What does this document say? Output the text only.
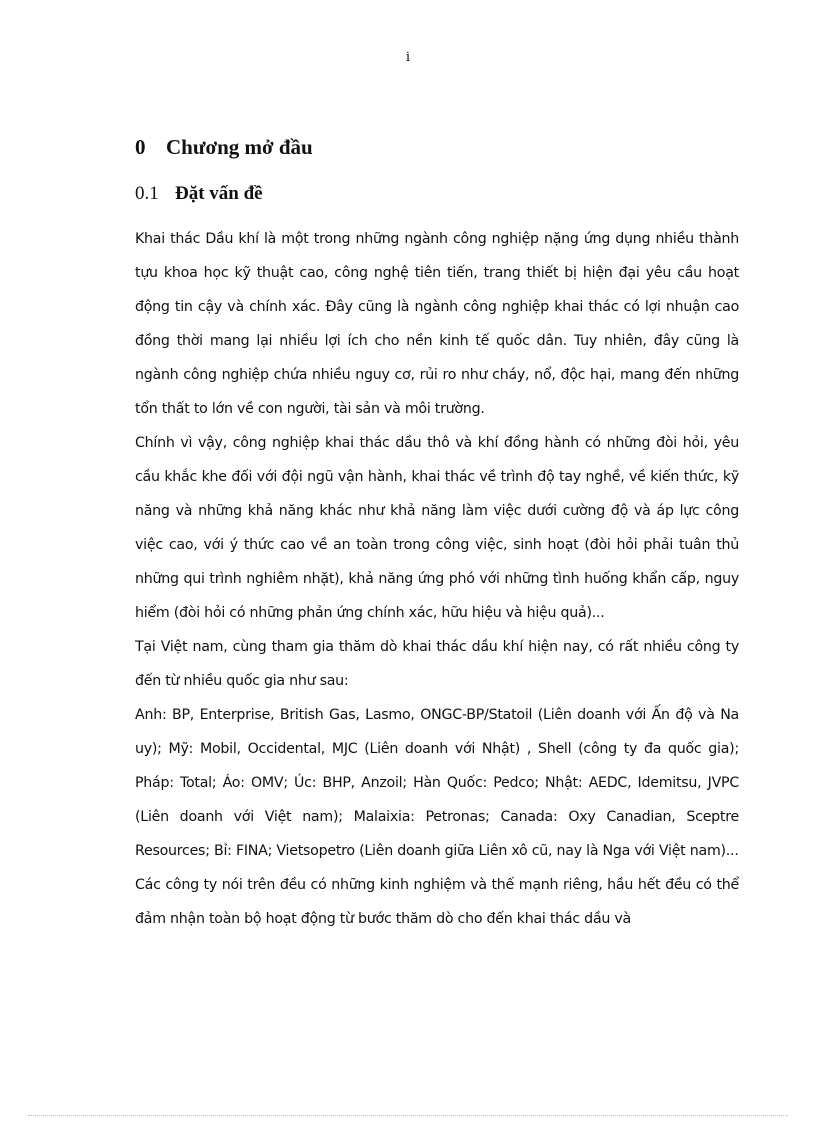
i
0 Chương mở đầu
0.1 Đặt vấn đề

Khai thác Dầu khí là một trong những ngành công nghiệp nặng ứng dụng nhiều thành tựu khoa học kỹ thuật cao, công nghệ tiên tiến, trang thiết bị hiện đại yêu cầu hoạt động tin cậy và chính xác. Đây cũng là ngành công nghiệp khai thác có lợi nhuận cao đồng thời mang lại nhiều lợi ích cho nền kinh tế quốc dân. Tuy nhiên, đây cũng là ngành công nghiệp chứa nhiều nguy cơ, rủi ro như cháy, nổ, độc hại, mang đến những tổn thất to lớn về con người, tài sản và môi trường.

Chính vì vậy, công nghiệp khai thác dầu thô và khí đồng hành có những đòi hỏi, yêu cầu khắc khe đối với đội ngũ vận hành, khai thác về trình độ tay nghề, về kiến thức, kỹ năng và những khả năng khác như khả năng làm việc dưới cường độ và áp lực công việc cao, với ý thức cao về an toàn trong công việc, sinh hoạt (đòi hỏi phải tuân thủ những qui trình nghiêm nhặt), khả năng ứng phó với những tình huống khẩn cấp, nguy hiểm (đòi hỏi có những phản ứng chính xác, hữu hiệu và hiệu quả)...

Tại Việt nam, cùng tham gia thăm dò khai thác dầu khí hiện nay, có rất nhiều công ty đến từ nhiều quốc gia như sau:

Anh: BP, Enterprise, British Gas, Lasmo, ONGC-BP/Statoil (Liên doanh với Ấn độ và Na uy); Mỹ: Mobil, Occidental, MJC (Liên doanh với Nhật) , Shell (công ty đa quốc gia); Pháp: Total; Áo: OMV; Úc: BHP, Anzoil; Hàn Quốc: Pedco; Nhật: AEDC, Idemitsu, JVPC (Liên doanh với Việt nam); Malaixia: Petronas; Canada: Oxy Canadian, Sceptre Resources; Bỉ: FINA; Vietsopetro (Liên doanh giữa Liên xô cũ, nay là Nga với Việt nam)...

Các công ty nói trên đều có những kinh nghiệm và thế mạnh riêng, hầu hết đều có thể đảm nhận toàn bộ hoạt động từ bước thăm dò cho đến khai thác dầu và
